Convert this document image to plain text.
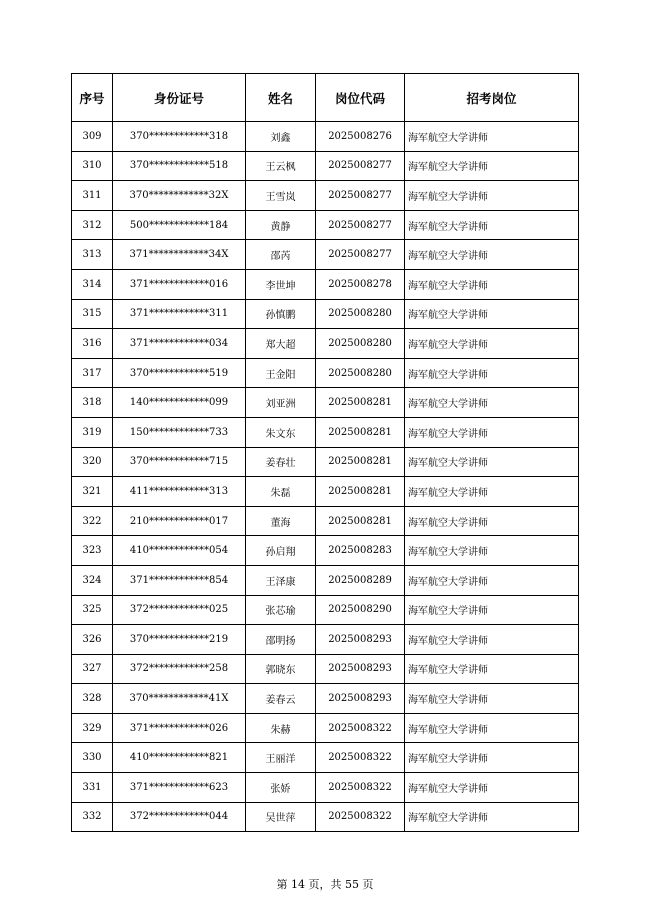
序号	身份证号	姓名	岗位代码	招考岗位
309	370************318	刘鑫	2025008276	海军航空大学讲师
310	370************518	王云枫	2025008277	海军航空大学讲师
311	370************32X	王雪岚	2025008277	海军航空大学讲师
312	500************184	黄静	2025008277	海军航空大学讲师
313	371************34X	邵芮	2025008277	海军航空大学讲师
314	371************016	李世坤	2025008278	海军航空大学讲师
315	371************311	孙慎鹏	2025008280	海军航空大学讲师
316	371************034	郑大超	2025008280	海军航空大学讲师
317	370************519	王金阳	2025008280	海军航空大学讲师
318	140************099	刘亚洲	2025008281	海军航空大学讲师
319	150************733	朱文东	2025008281	海军航空大学讲师
320	370************715	姜春壮	2025008281	海军航空大学讲师
321	411************313	朱磊	2025008281	海军航空大学讲师
322	210************017	董海	2025008281	海军航空大学讲师
323	410************054	孙启翔	2025008283	海军航空大学讲师
324	371************854	王泽康	2025008289	海军航空大学讲师
325	372************025	张芯瑜	2025008290	海军航空大学讲师
326	370************219	邵明扬	2025008293	海军航空大学讲师
327	372************258	郭晓东	2025008293	海军航空大学讲师
328	370************41X	姜春云	2025008293	海军航空大学讲师
329	371************026	朱赫	2025008322	海军航空大学讲师
330	410************821	王丽洋	2025008322	海军航空大学讲师
331	371************623	张娇	2025008322	海军航空大学讲师
332	372************044	吴世萍	2025008322	海军航空大学讲师
第 14 页，共 55 页
